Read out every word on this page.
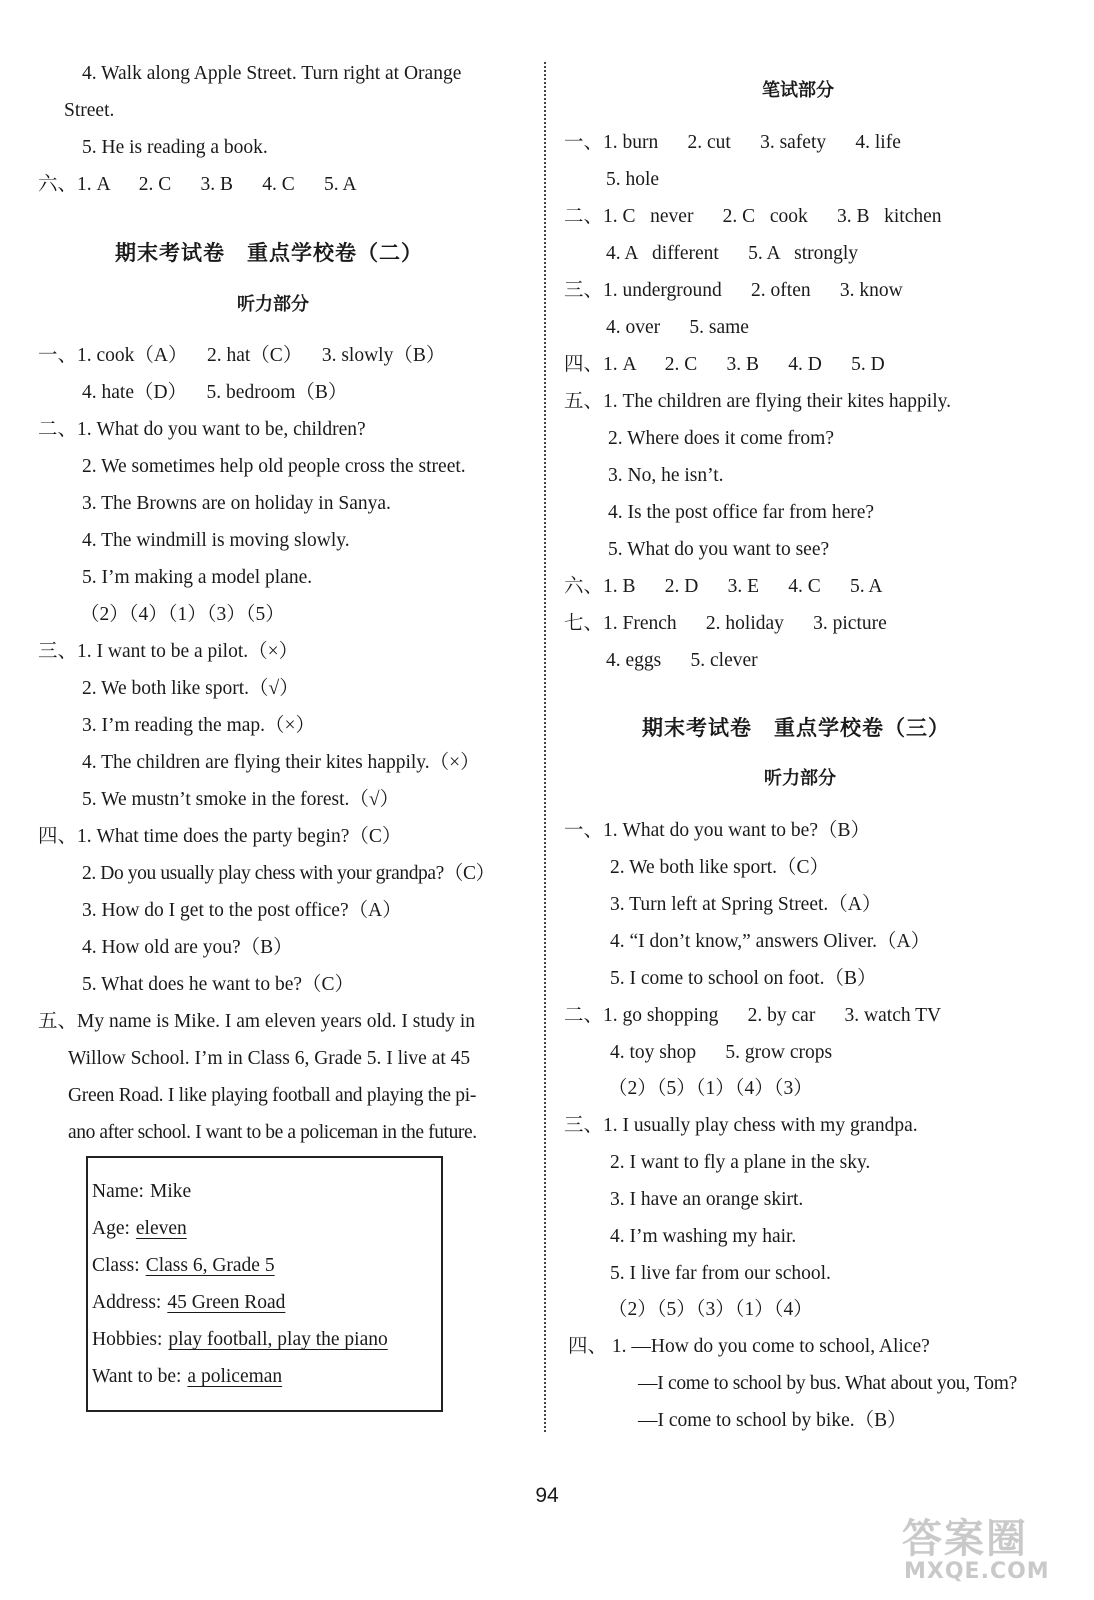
4. Walk along Apple Street. Turn right at Orange
Street.
5. He is reading a book.
六、1. A      2. C      3. B      4. C      5. A
期末考试卷　重点学校卷（二）
听力部分
一、1. cook（A）    2. hat（C）    3. slowly（B）
4. hate（D）    5. bedroom（B）
二、1. What do you want to be, children?
2. We sometimes help old people cross the street.
3. The Browns are on holiday in Sanya.
4. The windmill is moving slowly.
5. I’m making a model plane.
（2）（4）（1）（3）（5）
三、1. I want to be a pilot.（×）
2. We both like sport.（√）
3. I’m reading the map.（×）
4. The children are flying their kites happily.（×）
5. We mustn’t smoke in the forest.（√）
四、1. What time does the party begin?（C）
2. Do you usually play chess with your grandpa?（C）
3. How do I get to the post office?（A）
4. How old are you?（B）
5. What does he want to be?（C）
五、My name is Mike. I am eleven years old. I study in
Willow School. I’m in Class 6, Grade 5. I live at 45
Green Road. I like playing football and playing the pi-
ano after school. I want to be a policeman in the future.
Name: Mike
Age: eleven
Class: Class 6, Grade 5
Address: 45 Green Road
Hobbies: play football, play the piano
Want to be: a policeman
笔试部分
一、1. burn      2. cut      3. safety      4. life
5. hole
二、1. C   never      2. C   cook      3. B   kitchen
4. A   different      5. A   strongly
三、1. underground      2. often      3. know
4. over      5. same
四、1. A      2. C      3. B      4. D      5. D
五、1. The children are flying their kites happily.
2. Where does it come from?
3. No, he isn’t.
4. Is the post office far from here?
5. What do you want to see?
六、1. B      2. D      3. E      4. C      5. A
七、1. French      2. holiday      3. picture
4. eggs      5. clever
期末考试卷　重点学校卷（三）
听力部分
一、1. What do you want to be?（B）
2. We both like sport.（C）
3. Turn left at Spring Street.（A）
4. “I don’t know,” answers Oliver.（A）
5. I come to school on foot.（B）
二、1. go shopping      2. by car      3. watch TV
4. toy shop      5. grow crops
（2）（5）（1）（4）（3）
三、1. I usually play chess with my grandpa.
2. I want to fly a plane in the sky.
3. I have an orange skirt.
4. I’m washing my hair.
5. I live far from our school.
（2）（5）（3）（1）（4）
四、 1. —How do you come to school, Alice?
—I come to school by bus. What about you, Tom?
—I come to school by bike.（B）
94
答案圈
MXQE.COM
